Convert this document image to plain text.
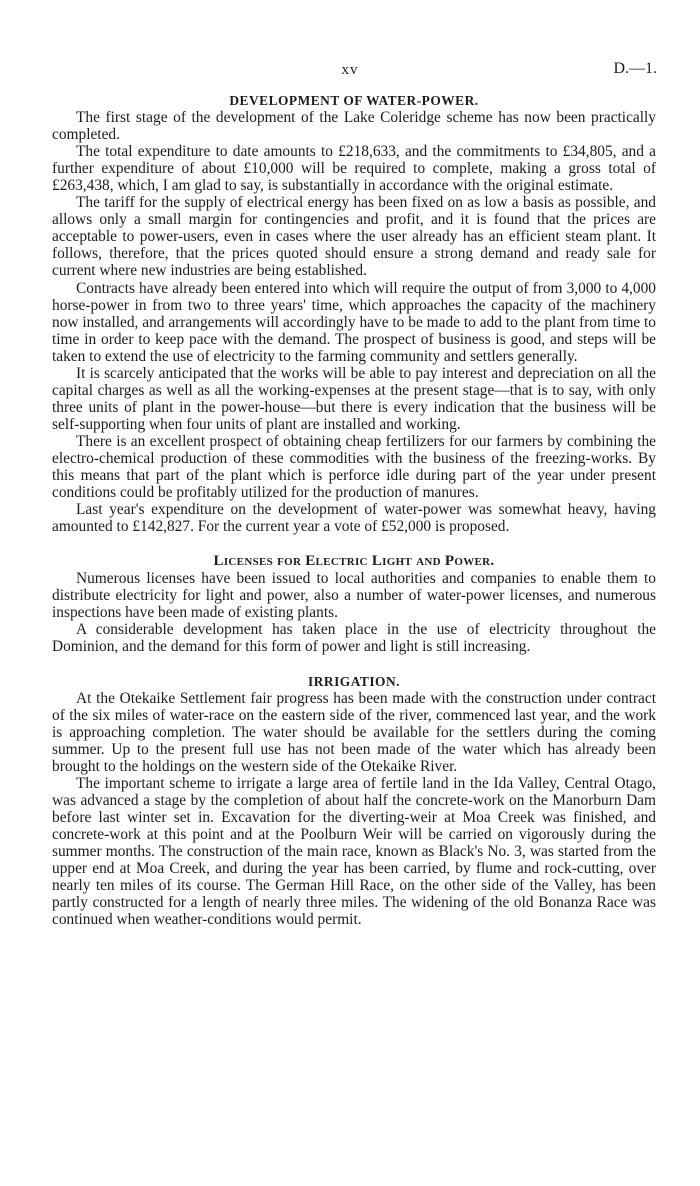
xv	D.—1.
DEVELOPMENT OF WATER-POWER.

The first stage of the development of the Lake Coleridge scheme has now been practically completed.

The total expenditure to date amounts to £218,633, and the commitments to £34,805, and a further expenditure of about £10,000 will be required to complete, making a gross total of £263,438, which, I am glad to say, is substantially in accordance with the original estimate.

The tariff for the supply of electrical energy has been fixed on as low a basis as possible, and allows only a small margin for contingencies and profit, and it is found that the prices are acceptable to power-users, even in cases where the user already has an efficient steam plant. It follows, therefore, that the prices quoted should ensure a strong demand and ready sale for current where new industries are being established.

Contracts have already been entered into which will require the output of from 3,000 to 4,000 horse-power in from two to three years' time, which approaches the capacity of the machinery now installed, and arrangements will accordingly have to be made to add to the plant from time to time in order to keep pace with the demand. The prospect of business is good, and steps will be taken to extend the use of electricity to the farming community and settlers generally.

It is scarcely anticipated that the works will be able to pay interest and depreciation on all the capital charges as well as all the working-expenses at the present stage—that is to say, with only three units of plant in the power-house—but there is every indication that the business will be self-supporting when four units of plant are installed and working.

There is an excellent prospect of obtaining cheap fertilizers for our farmers by combining the electro-chemical production of these commodities with the business of the freezing-works. By this means that part of the plant which is perforce idle during part of the year under present conditions could be profitably utilized for the production of manures.

Last year's expenditure on the development of water-power was somewhat heavy, having amounted to £142,827. For the current year a vote of £52,000 is proposed.

Licenses for Electric Light and Power.

Numerous licenses have been issued to local authorities and companies to enable them to distribute electricity for light and power, also a number of water-power licenses, and numerous inspections have been made of existing plants.

A considerable development has taken place in the use of electricity throughout the Dominion, and the demand for this form of power and light is still increasing.

IRRIGATION.

At the Otekaike Settlement fair progress has been made with the construction under contract of the six miles of water-race on the eastern side of the river, commenced last year, and the work is approaching completion. The water should be available for the settlers during the coming summer. Up to the present full use has not been made of the water which has already been brought to the holdings on the western side of the Otekaike River.

The important scheme to irrigate a large area of fertile land in the Ida Valley, Central Otago, was advanced a stage by the completion of about half the concrete-work on the Manorburn Dam before last winter set in. Excavation for the diverting-weir at Moa Creek was finished, and concrete-work at this point and at the Poolburn Weir will be carried on vigorously during the summer months. The construction of the main race, known as Black's No. 3, was started from the upper end at Moa Creek, and during the year has been carried, by flume and rock-cutting, over nearly ten miles of its course. The German Hill Race, on the other side of the Valley, has been partly constructed for a length of nearly three miles. The widening of the old Bonanza Race was continued when weather-conditions would permit.
